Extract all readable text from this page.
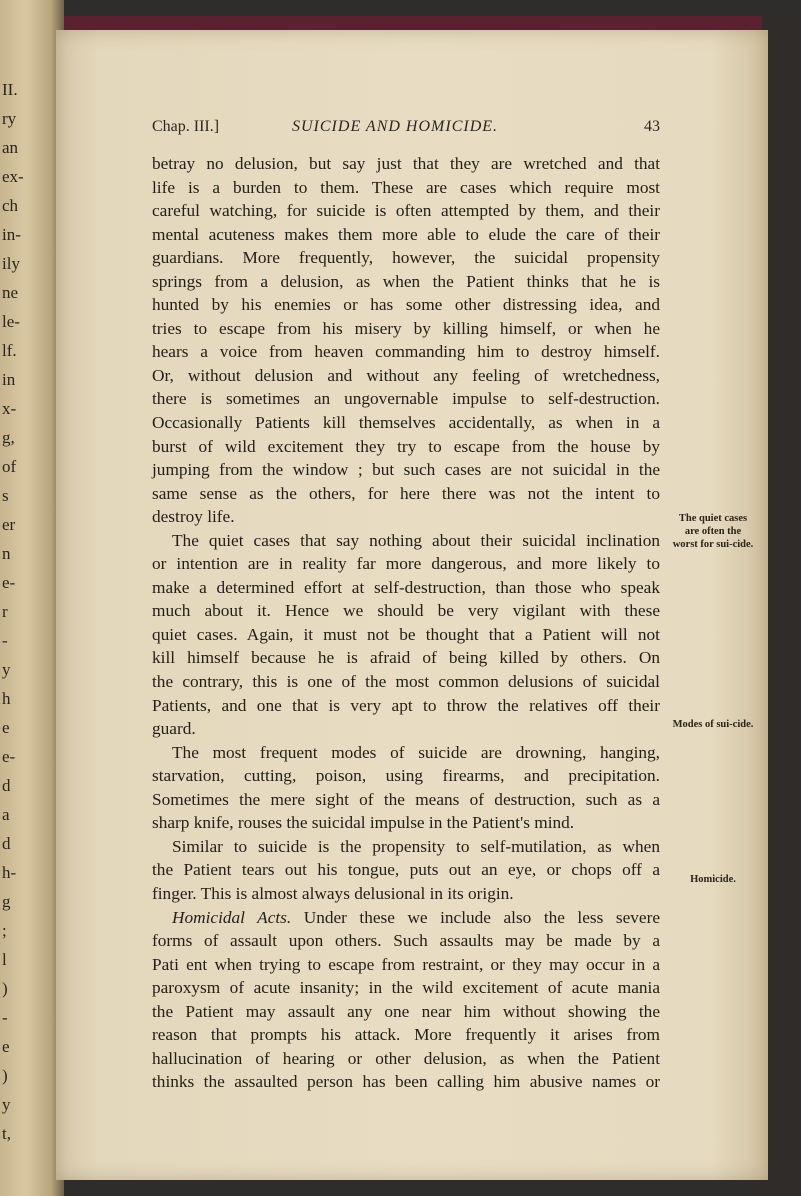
II.
ry
an
ex-
ch
in-
ily
ne
le-
lf.
in
x-
g,
of
s
er
n
e-
r
-
y
h
e
e-
d
a
d
h-
g
;
l
)
-
e
)
y
t,
Chap. III.]	SUICIDE AND HOMICIDE.	43
betray no delusion, but say just that they are wretched and that
life is a burden to them. These are cases which require most
careful watching, for suicide is often attempted by them, and their
mental acuteness makes them more able to elude the care of their
guardians. More frequently, however, the suicidal propensity
springs from a delusion, as when the Patient thinks that he is
hunted by his enemies or has some other distressing idea, and
tries to escape from his misery by killing himself, or when he
hears a voice from heaven commanding him to destroy himself.
Or, without delusion and without any feeling of wretchedness,
there is sometimes an ungovernable impulse to self-destruction.
Occasionally Patients kill themselves accidentally, as when in a
burst of wild excitement they try to escape from the house by
jumping from the window ; but such cases are not suicidal in the
same sense as the others, for here there was not the intent to
destroy life.
The quiet cases that say nothing about their suicidal inclination
or intention are in reality far more dangerous, and more likely to
make a determined effort at self-destruction, than those who speak
much about it. Hence we should be very vigilant with these
quiet cases. Again, it must not be thought that a Patient will not
kill himself because he is afraid of being killed by others. On
the contrary, this is one of the most common delusions of suicidal
Patients, and one that is very apt to throw the relatives off their
guard.
The most frequent modes of suicide are drowning, hanging,
starvation, cutting, poison, using firearms, and precipitation.
Sometimes the mere sight of the means of destruction, such as a
sharp knife, rouses the suicidal impulse in the Patient's mind.
Similar to suicide is the propensity to self-mutilation, as when
the Patient tears out his tongue, puts out an eye, or chops off a
finger. This is almost always delusional in its origin.
Homicidal Acts. Under these we include also the less severe
forms of assault upon others. Such assaults may be made by a
Pati ent when trying to escape from restraint, or they may occur in a
paroxysm of acute insanity; in the wild excitement of acute mania
the Patient may assault any one near him without showing the
reason that prompts his attack. More frequently it arises from
hallucination of hearing or other delusion, as when the Patient
thinks the assaulted person has been calling him abusive names or
The quiet cases are often the worst for sui-cide.
Modes of sui-cide.
Homicide.
